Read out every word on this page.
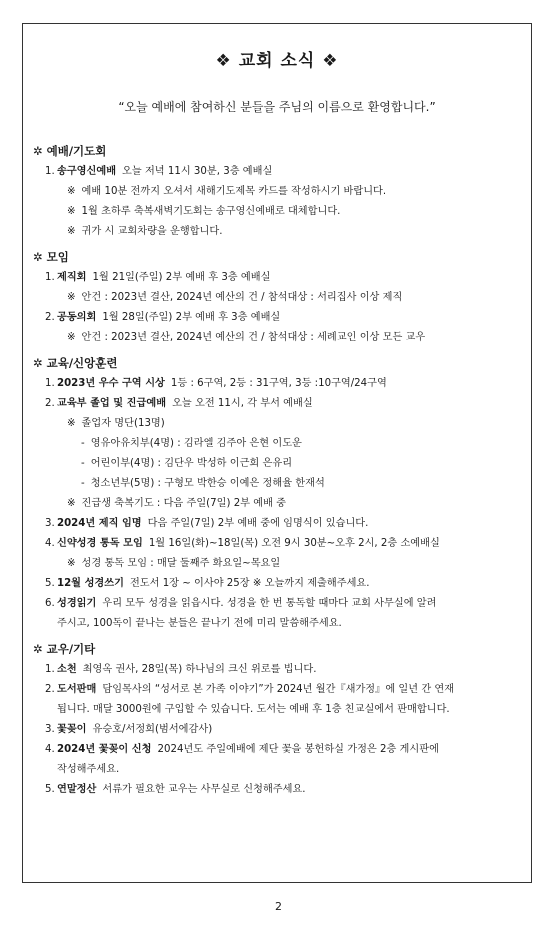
❖ 교회 소식 ❖
“오늘 예배에 참여하신 분들을 주님의 이름으로 환영합니다.”
✲ 예배/기도회
1. 송구영신예배 오늘 저녁 11시 30분, 3층 예배실
※ 예배 10분 전까지 오셔서 새해기도제목 카드를 작성하시기 바랍니다.
※ 1월 초하루 축복새벽기도회는 송구영신예배로 대체합니다.
※ 귀가 시 교회차량을 운행합니다.
✲ 모임
1. 제직회 1월 21일(주일) 2부 예배 후 3층 예배실
※ 안건 : 2023년 결산, 2024년 예산의 건 / 참석대상 : 서리집사 이상 제직
2. 공동의회 1월 28일(주일) 2부 예배 후 3층 예배실
※ 안건 : 2023년 결산, 2024년 예산의 건 / 참석대상 : 세례교인 이상 모든 교우
✲ 교육/신앙훈련
1. 2023년 우수 구역 시상 1등 : 6구역, 2등 : 31구역, 3등 :10구역/24구역
2. 교육부 졸업 및 진급예배 오늘 오전 11시, 각 부서 예배실
※ 졸업자 명단(13명)
- 영유아유치부(4명) : 김라엘 김주아 은현 이도운
- 어린이부(4명) : 김단우 박성하 이근희 은유리
- 청소년부(5명) : 구형모 박한승 이예은 정해율 한재석
※ 진급생 축복기도 : 다음 주일(7일) 2부 예배 중
3. 2024년 제직 임명 다음 주일(7일) 2부 예배 중에 임명식이 있습니다.
4. 신약성경 통독 모임 1월 16일(화)~18일(목) 오전 9시 30분~오후 2시, 2층 소예배실
※ 성경 통독 모임 : 매달 둘째주 화요일~목요일
5. 12월 성경쓰기 전도서 1장 ~ 이사야 25장 ※ 오늘까지 제출해주세요.
6. 성경읽기 우리 모두 성경을 읽읍시다. 성경을 한 번 통독할 때마다 교회 사무실에 알려
주시고, 100독이 끝나는 분들은 끝나기 전에 미리 말씀해주세요.
✲ 교우/기타
1. 소천 최영옥 권사, 28일(목) 하나님의 크신 위로를 빕니다.
2. 도서판매 담임목사의 “성서로 본 가족 이야기”가 2024년 월간『새가정』에 일년 간 연재
됩니다. 매달 3000원에 구입할 수 있습니다. 도서는 예배 후 1층 친교실에서 판매합니다.
3. 꽃꽂이 유승호/서정희(범서에감사)
4. 2024년 꽃꽂이 신청 2024년도 주일예배에 제단 꽃을 봉헌하실 가정은 2층 게시판에
작성해주세요.
5. 연말정산 서류가 필요한 교우는 사무실로 신청해주세요.
2
